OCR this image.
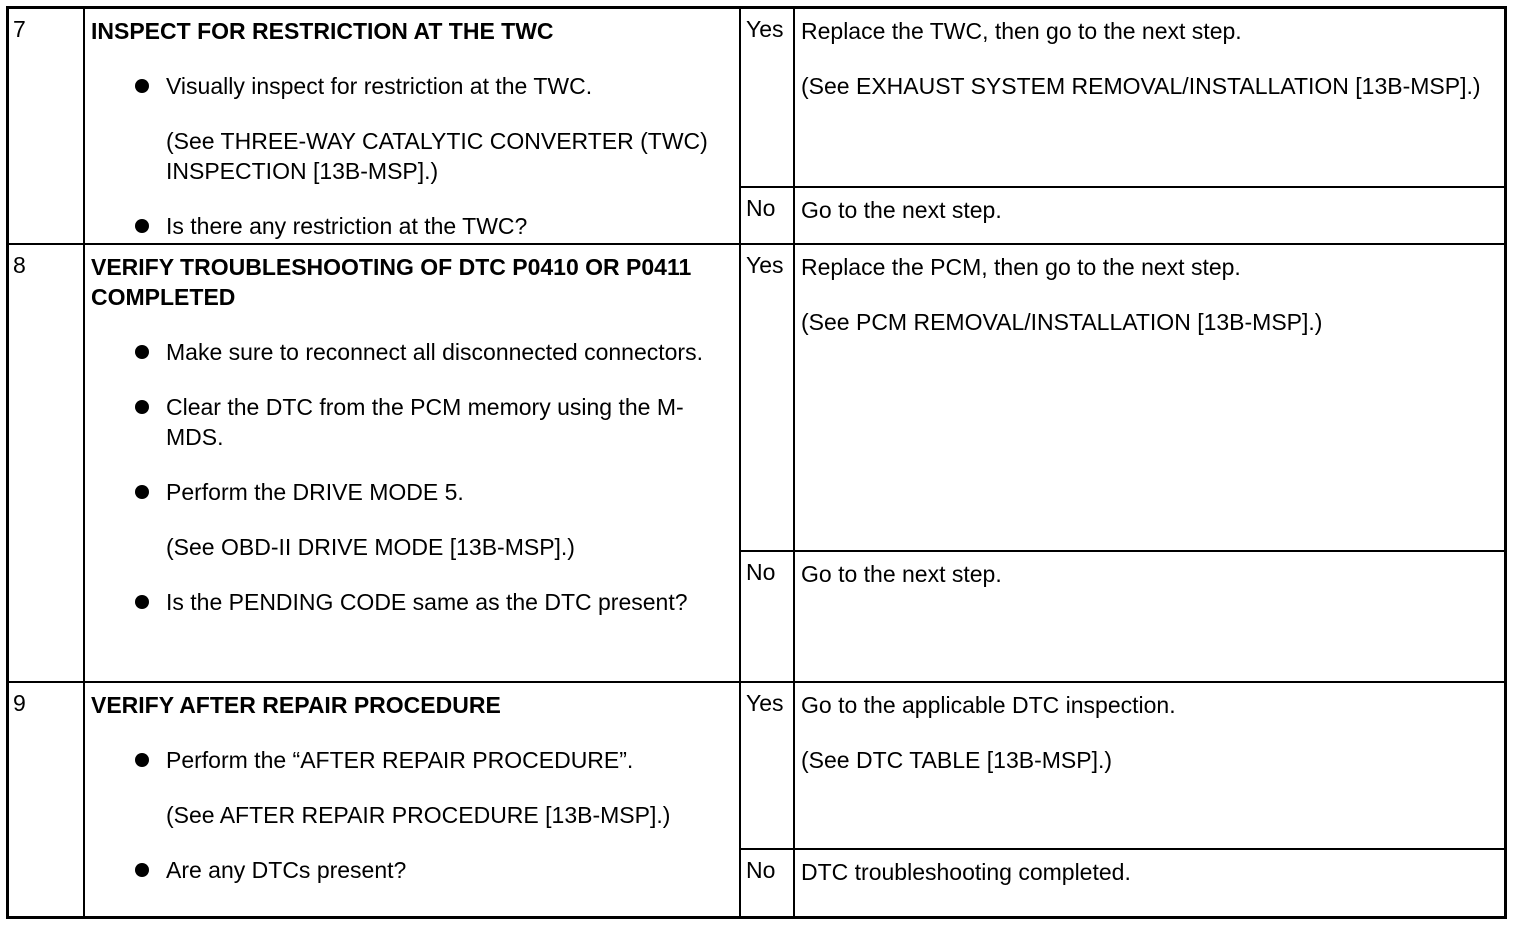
7	INSPECT FOR RESTRICTION AT THE TWC

Visually inspect for restriction at the TWC.
(See THREE-WAY CATALYTIC CONVERTER (TWC) INSPECTION [13B-MSP].)
Is there any restriction at the TWC?
Yes Replace the TWC, then go to the next step.
(See EXHAUST SYSTEM REMOVAL/INSTALLATION [13B-MSP].)
No	Go to the next step.
8	VERIFY TROUBLESHOOTING OF DTC P0410 OR P0411 COMPLETED

Make sure to reconnect all disconnected connectors.
Clear the DTC from the PCM memory using the M-MDS.
Perform the DRIVE MODE 5.
(See OBD-II DRIVE MODE [13B-MSP].)
Is the PENDING CODE same as the DTC present?
Yes Replace the PCM, then go to the next step.
(See PCM REMOVAL/INSTALLATION [13B-MSP].)
No	Go to the next step.
9	VERIFY AFTER REPAIR PROCEDURE

Perform the “AFTER REPAIR PROCEDURE”.
(See AFTER REPAIR PROCEDURE [13B-MSP].)
Are any DTCs present?
Yes Go to the applicable DTC inspection.
(See DTC TABLE [13B-MSP].)
No	DTC troubleshooting completed.
